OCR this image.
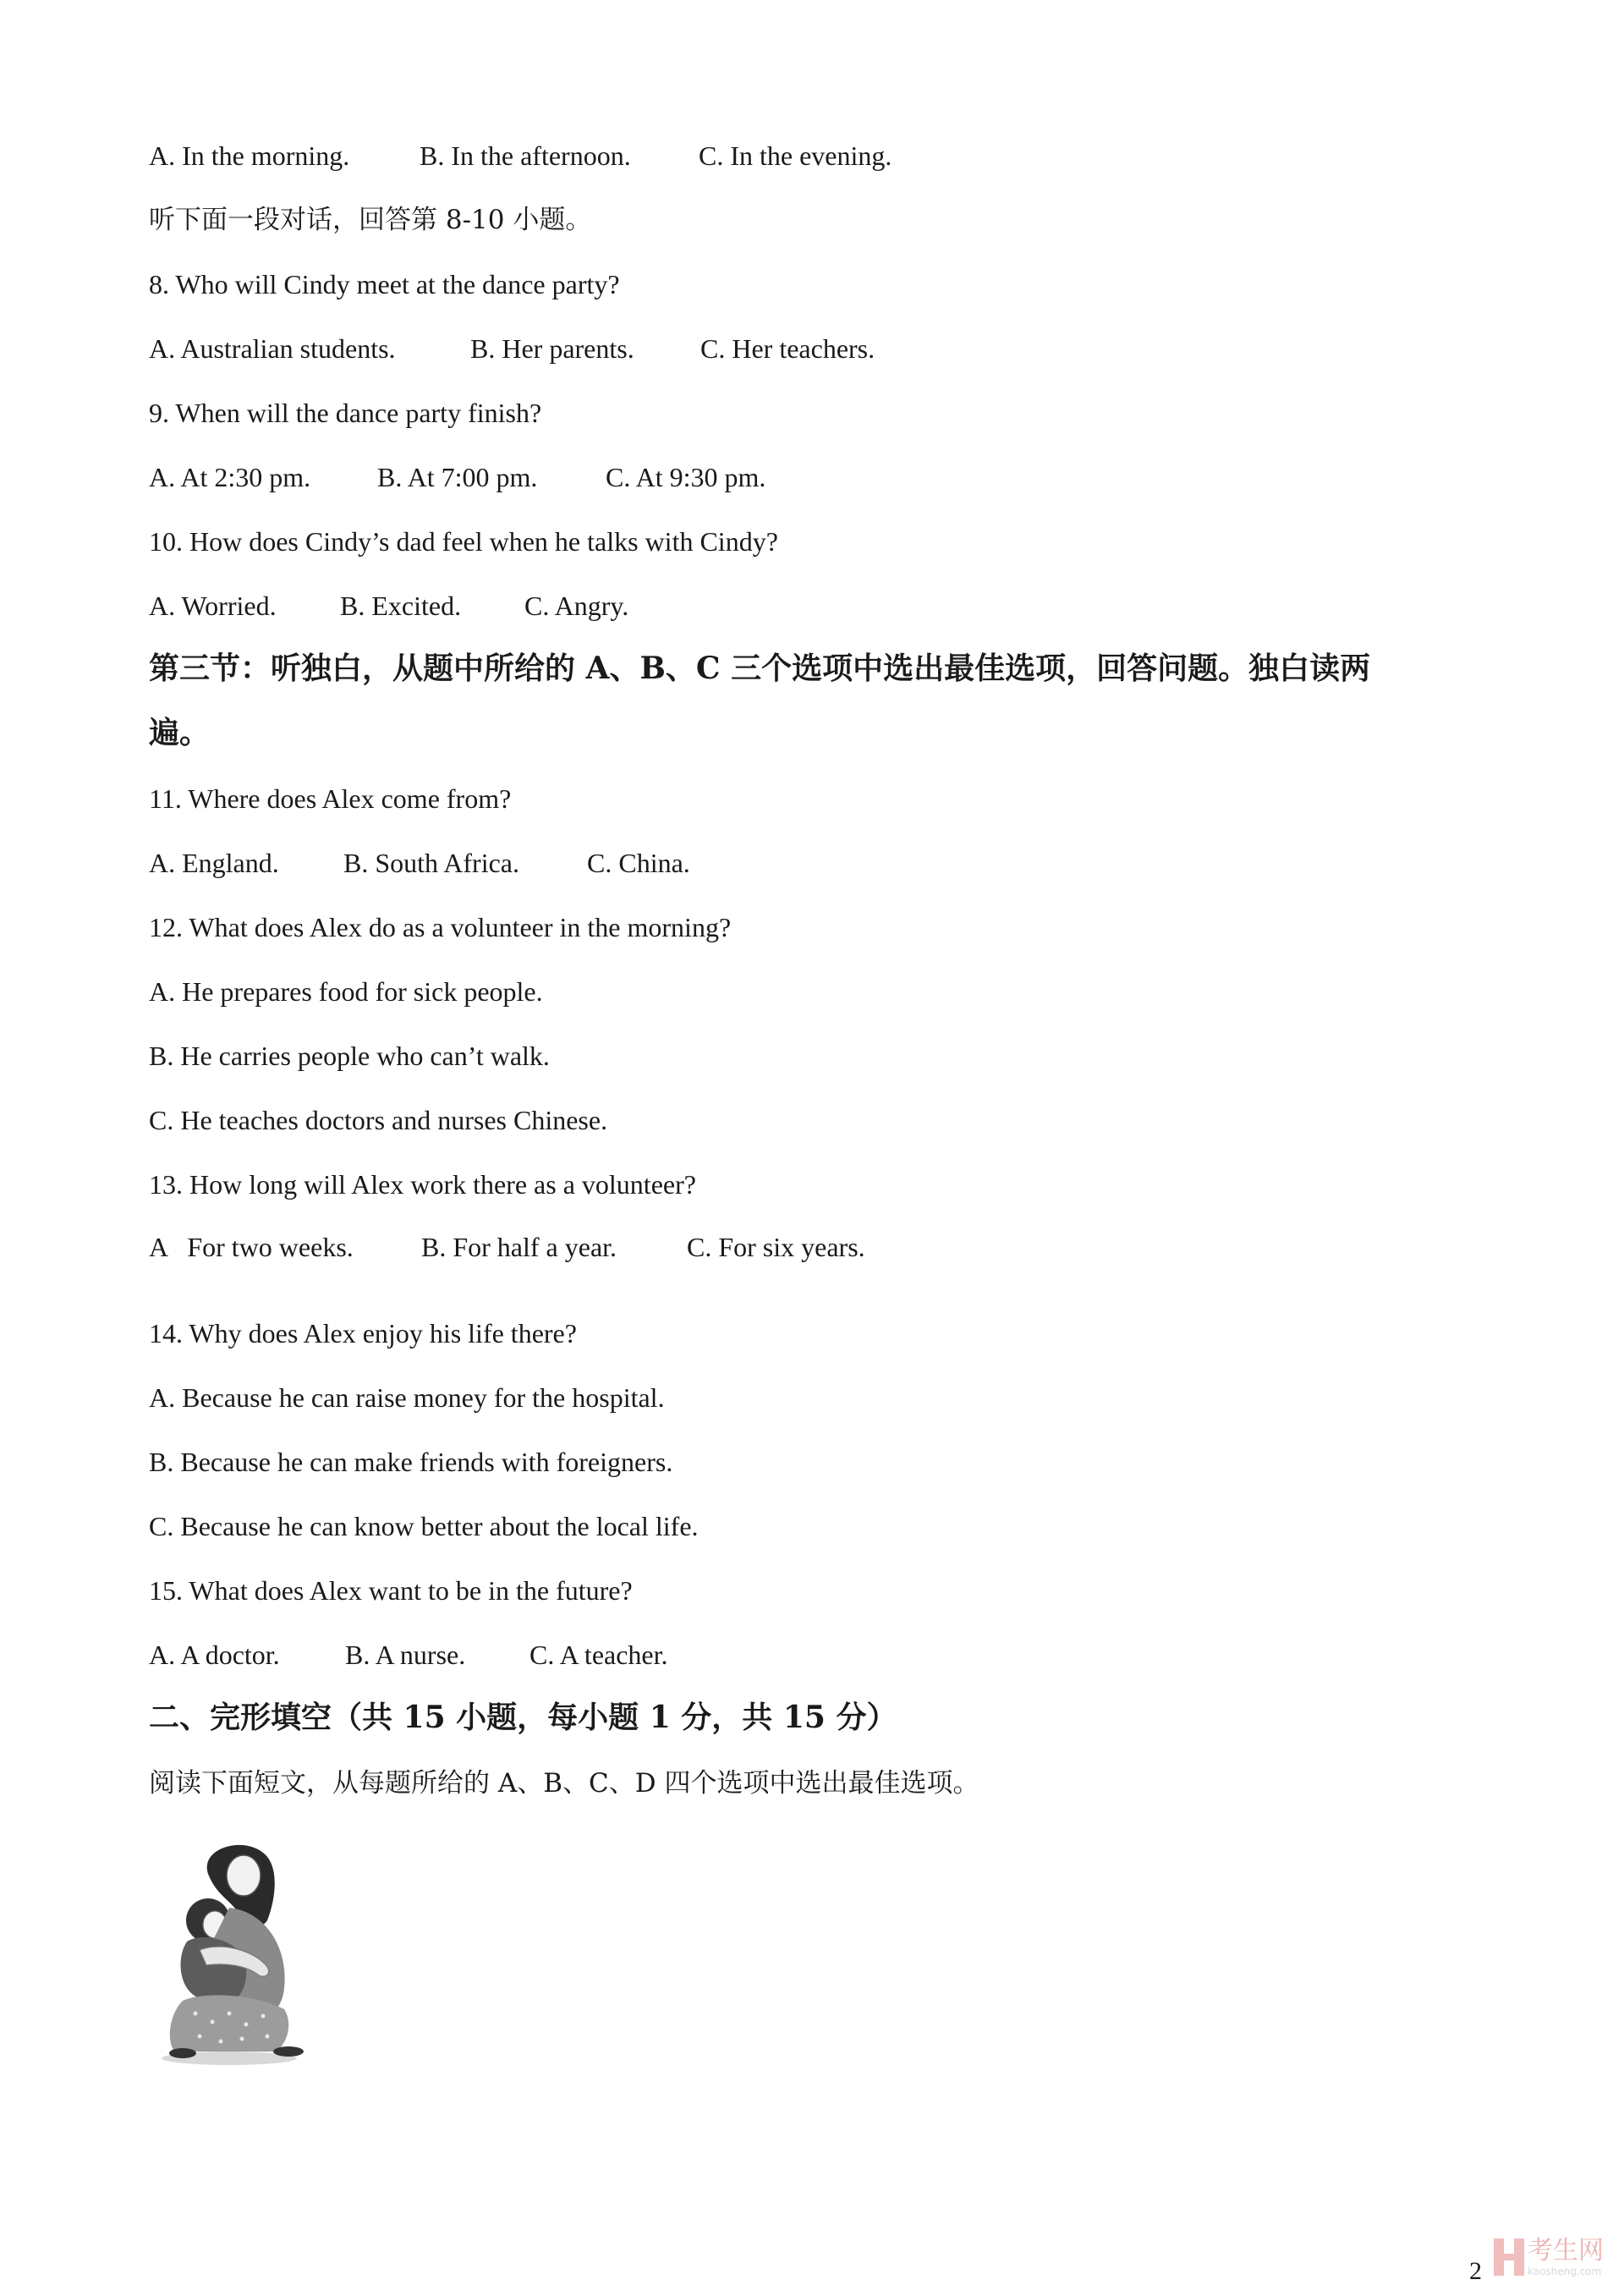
A. In the morning.	B. In the afternoon.	C. In the evening.
听下面一段对话，回答第 8-10 小题。
8. Who will Cindy meet at the dance party?
A. Australian students.	B. Her parents. C. Her teachers.
9. When will the dance party finish?
A. At 2:30 pm. B. At 7:00 pm.	C. At 9:30 pm.
10. How does Cindy’s dad feel when he talks with Cindy?
A. Worried. B. Excited. C. Angry.
第三节：听独白，从题中所给的 A、B、C 三个选项中选出最佳选项，回答问题。独白读两
遍。
11. Where does Alex come from?
A. England. B. South Africa.	C. China.
12. What does Alex do as a volunteer in the morning?
A. He prepares food for sick people.
B. He carries people who can’t walk.
C. He teaches doctors and nurses Chinese.
13. How long will Alex work there as a volunteer?
A   For two weeks.	B. For half a year.	C. For six years.
14. Why does Alex enjoy his life there?
A. Because he can raise money for the hospital.
B. Because he can make friends with foreigners.
C. Because he can know better about the local life.
15. What does Alex want to be in the future?
A. A doctor. B. A nurse. C. A teacher.
二、完形填空（共 15 小题，每小题 1 分，共 15 分）
阅读下面短文，从每题所给的 A、B、C、D 四个选项中选出最佳选项。
2
考生网
kaosheng.com
